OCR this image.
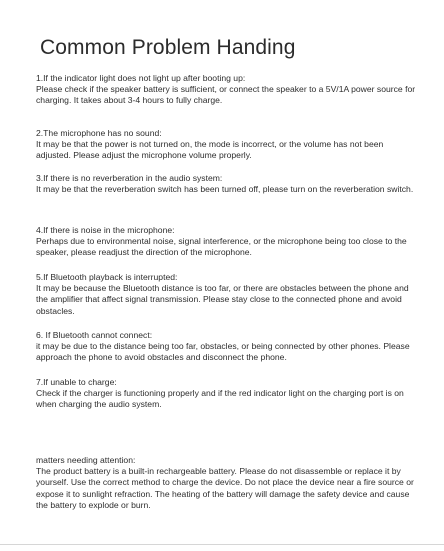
Common Problem Handing

1.If the indicator light does not light up after booting up:

Please check if the speaker battery is sufficient, or connect the speaker to a 5V/1A power source for charging. It takes about 3-4 hours to fully charge.

2.The microphone has no sound:

It may be that the power is not turned on, the mode is incorrect, or the volume has not been adjusted. Please adjust the microphone volume properly.

3.If there is no reverberation in the audio system:

It may be that the reverberation switch has been turned off, please turn on the reverberation switch.

4.If there is noise in the microphone:

Perhaps due to environmental noise, signal interference, or the microphone being too close to the speaker, please readjust the direction of the microphone.

5.If Bluetooth playback is interrupted:

It may be because the Bluetooth distance is too far, or there are obstacles between the phone and the amplifier that affect signal transmission. Please stay close to the connected phone and avoid obstacles.

6. If Bluetooth cannot connect:

it may be due to the distance being too far, obstacles, or being connected by other phones. Please approach the phone to avoid obstacles and disconnect the phone.

7.If unable to charge:

Check if the charger is functioning properly and if the red indicator light on the charging port is on when charging the audio system.

matters needing attention:

The product battery is a built-in rechargeable battery. Please do not disassemble or replace it by yourself. Use the correct method to charge the device. Do not place the device near a fire source or expose it to sunlight refraction. The heating of the battery will damage the safety device and cause the battery to explode or burn.
